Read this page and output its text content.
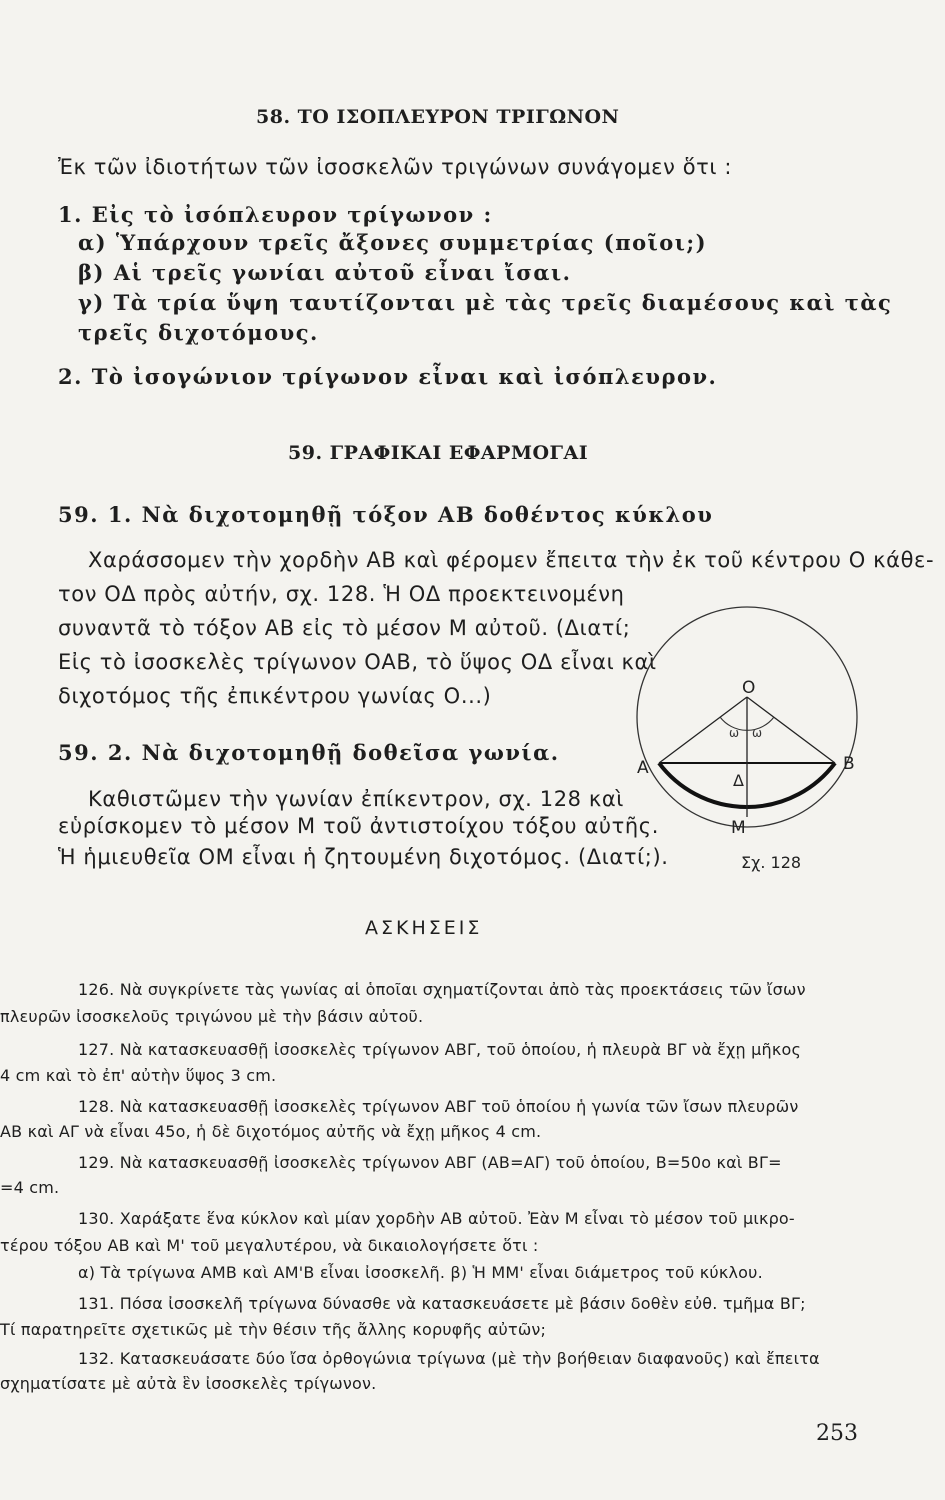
58. ΤΟ ΙΣΟΠΛΕΥΡΟΝ ΤΡΙΓΩΝΟΝ
Ἐκ τῶν ἰδιοτήτων τῶν ἰσοσκελῶν τριγώνων συνάγομεν ὅτι :
1. Εἰς τὸ ἰσόπλευρον τρίγωνον :
α) Ὑπάρχουν τρεῖς ἄξονες συμμετρίας (ποῖοι;)
β) Αἱ τρεῖς γωνίαι αὐτοῦ εἶναι ἴσαι.
γ) Τὰ τρία ὕψη ταυτίζονται μὲ τὰς τρεῖς διαμέσους καὶ τὰς
τρεῖς διχοτόμους.
2. Τὸ ἰσογώνιον τρίγωνον εἶναι καὶ ἰσόπλευρον.
59. ΓΡΑΦΙΚΑΙ ΕΦΑΡΜΟΓΑΙ
59. 1. Νὰ διχοτομηθῇ τόξον ΑΒ δοθέντος κύκλου
Χαράσσομεν τὴν χορδὴν ΑΒ καὶ φέρομεν ἔπειτα τὴν ἐκ τοῦ κέντρου Ο κάθε-
τον ΟΔ πρὸς αὐτήν, σχ. 128. Ἡ ΟΔ προεκτεινομένη
συναντᾶ τὸ τόξον ΑΒ εἰς τὸ μέσον Μ αὐτοῦ. (Διατί;
Εἰς τὸ ἰσοσκελὲς τρίγωνον ΟΑΒ, τὸ ὕψος ΟΔ εἶναι καὶ
διχοτόμος τῆς ἐπικέντρου γωνίας Ο...)
59. 2. Νὰ διχοτομηθῇ δοθεῖσα γωνία.
Καθιστῶμεν τὴν γωνίαν ἐπίκεντρον, σχ. 128 καὶ
εὑρίσκομεν τὸ μέσον Μ τοῦ ἀντιστοίχου τόξου αὐτῆς.
Ἡ ἡμιευθεῖα ΟΜ εἶναι ἡ ζητουμένη διχοτόμος. (Διατί;).
O
A	B
Δ
M
ω ω
Σχ. 128
ΑΣΚΗΣΕΙΣ
126. Νὰ συγκρίνετε τὰς γωνίας αἱ ὁποῖαι σχηματίζονται ἀπὸ τὰς προεκτάσεις τῶν ἴσων
πλευρῶν ἰσοσκελοῦς τριγώνου μὲ τὴν βάσιν αὐτοῦ.
127. Νὰ κατασκευασθῇ ἰσοσκελὲς τρίγωνον ΑΒΓ, τοῦ ὁποίου, ἡ πλευρὰ ΒΓ νὰ ἔχῃ μῆκος
4 cm καὶ τὸ ἐπ' αὐτὴν ὕψος 3 cm.
128. Νὰ κατασκευασθῇ ἰσοσκελὲς τρίγωνον ΑΒΓ τοῦ ὁποίου ἡ γωνία τῶν ἴσων πλευρῶν
ΑΒ καὶ ΑΓ νὰ εἶναι 45ο, ἡ δὲ διχοτόμος αὐτῆς νὰ ἔχῃ μῆκος 4 cm.
129. Νὰ κατασκευασθῇ ἰσοσκελὲς τρίγωνον ΑΒΓ (ΑΒ=ΑΓ) τοῦ ὁποίου, Β=50ο καὶ ΒΓ=
=4 cm.
130. Χαράξατε ἕνα κύκλον καὶ μίαν χορδὴν ΑΒ αὐτοῦ. Ἐὰν Μ εἶναι τὸ μέσον τοῦ μικρο-
τέρου τόξου ΑΒ καὶ Μ' τοῦ μεγαλυτέρου, νὰ δικαιολογήσετε ὅτι :
α) Τὰ τρίγωνα ΑΜΒ καὶ ΑΜ'Β εἶναι ἰσοσκελῆ. β) Ἡ ΜΜ' εἶναι διάμετρος τοῦ κύκλου.
131. Πόσα ἰσοσκελῆ τρίγωνα δύνασθε νὰ κατασκευάσετε μὲ βάσιν δοθὲν εὐθ. τμῆμα ΒΓ;
Τί παρατηρεῖτε σχετικῶς μὲ τὴν θέσιν τῆς ἄλλης κορυφῆς αὐτῶν;
132. Κατασκευάσατε δύο ἴσα ὀρθογώνια τρίγωνα (μὲ τὴν βοήθειαν διαφανοῦς) καὶ ἔπειτα
σχηματίσατε μὲ αὐτὰ ἓν ἰσοσκελὲς τρίγωνον.
253
